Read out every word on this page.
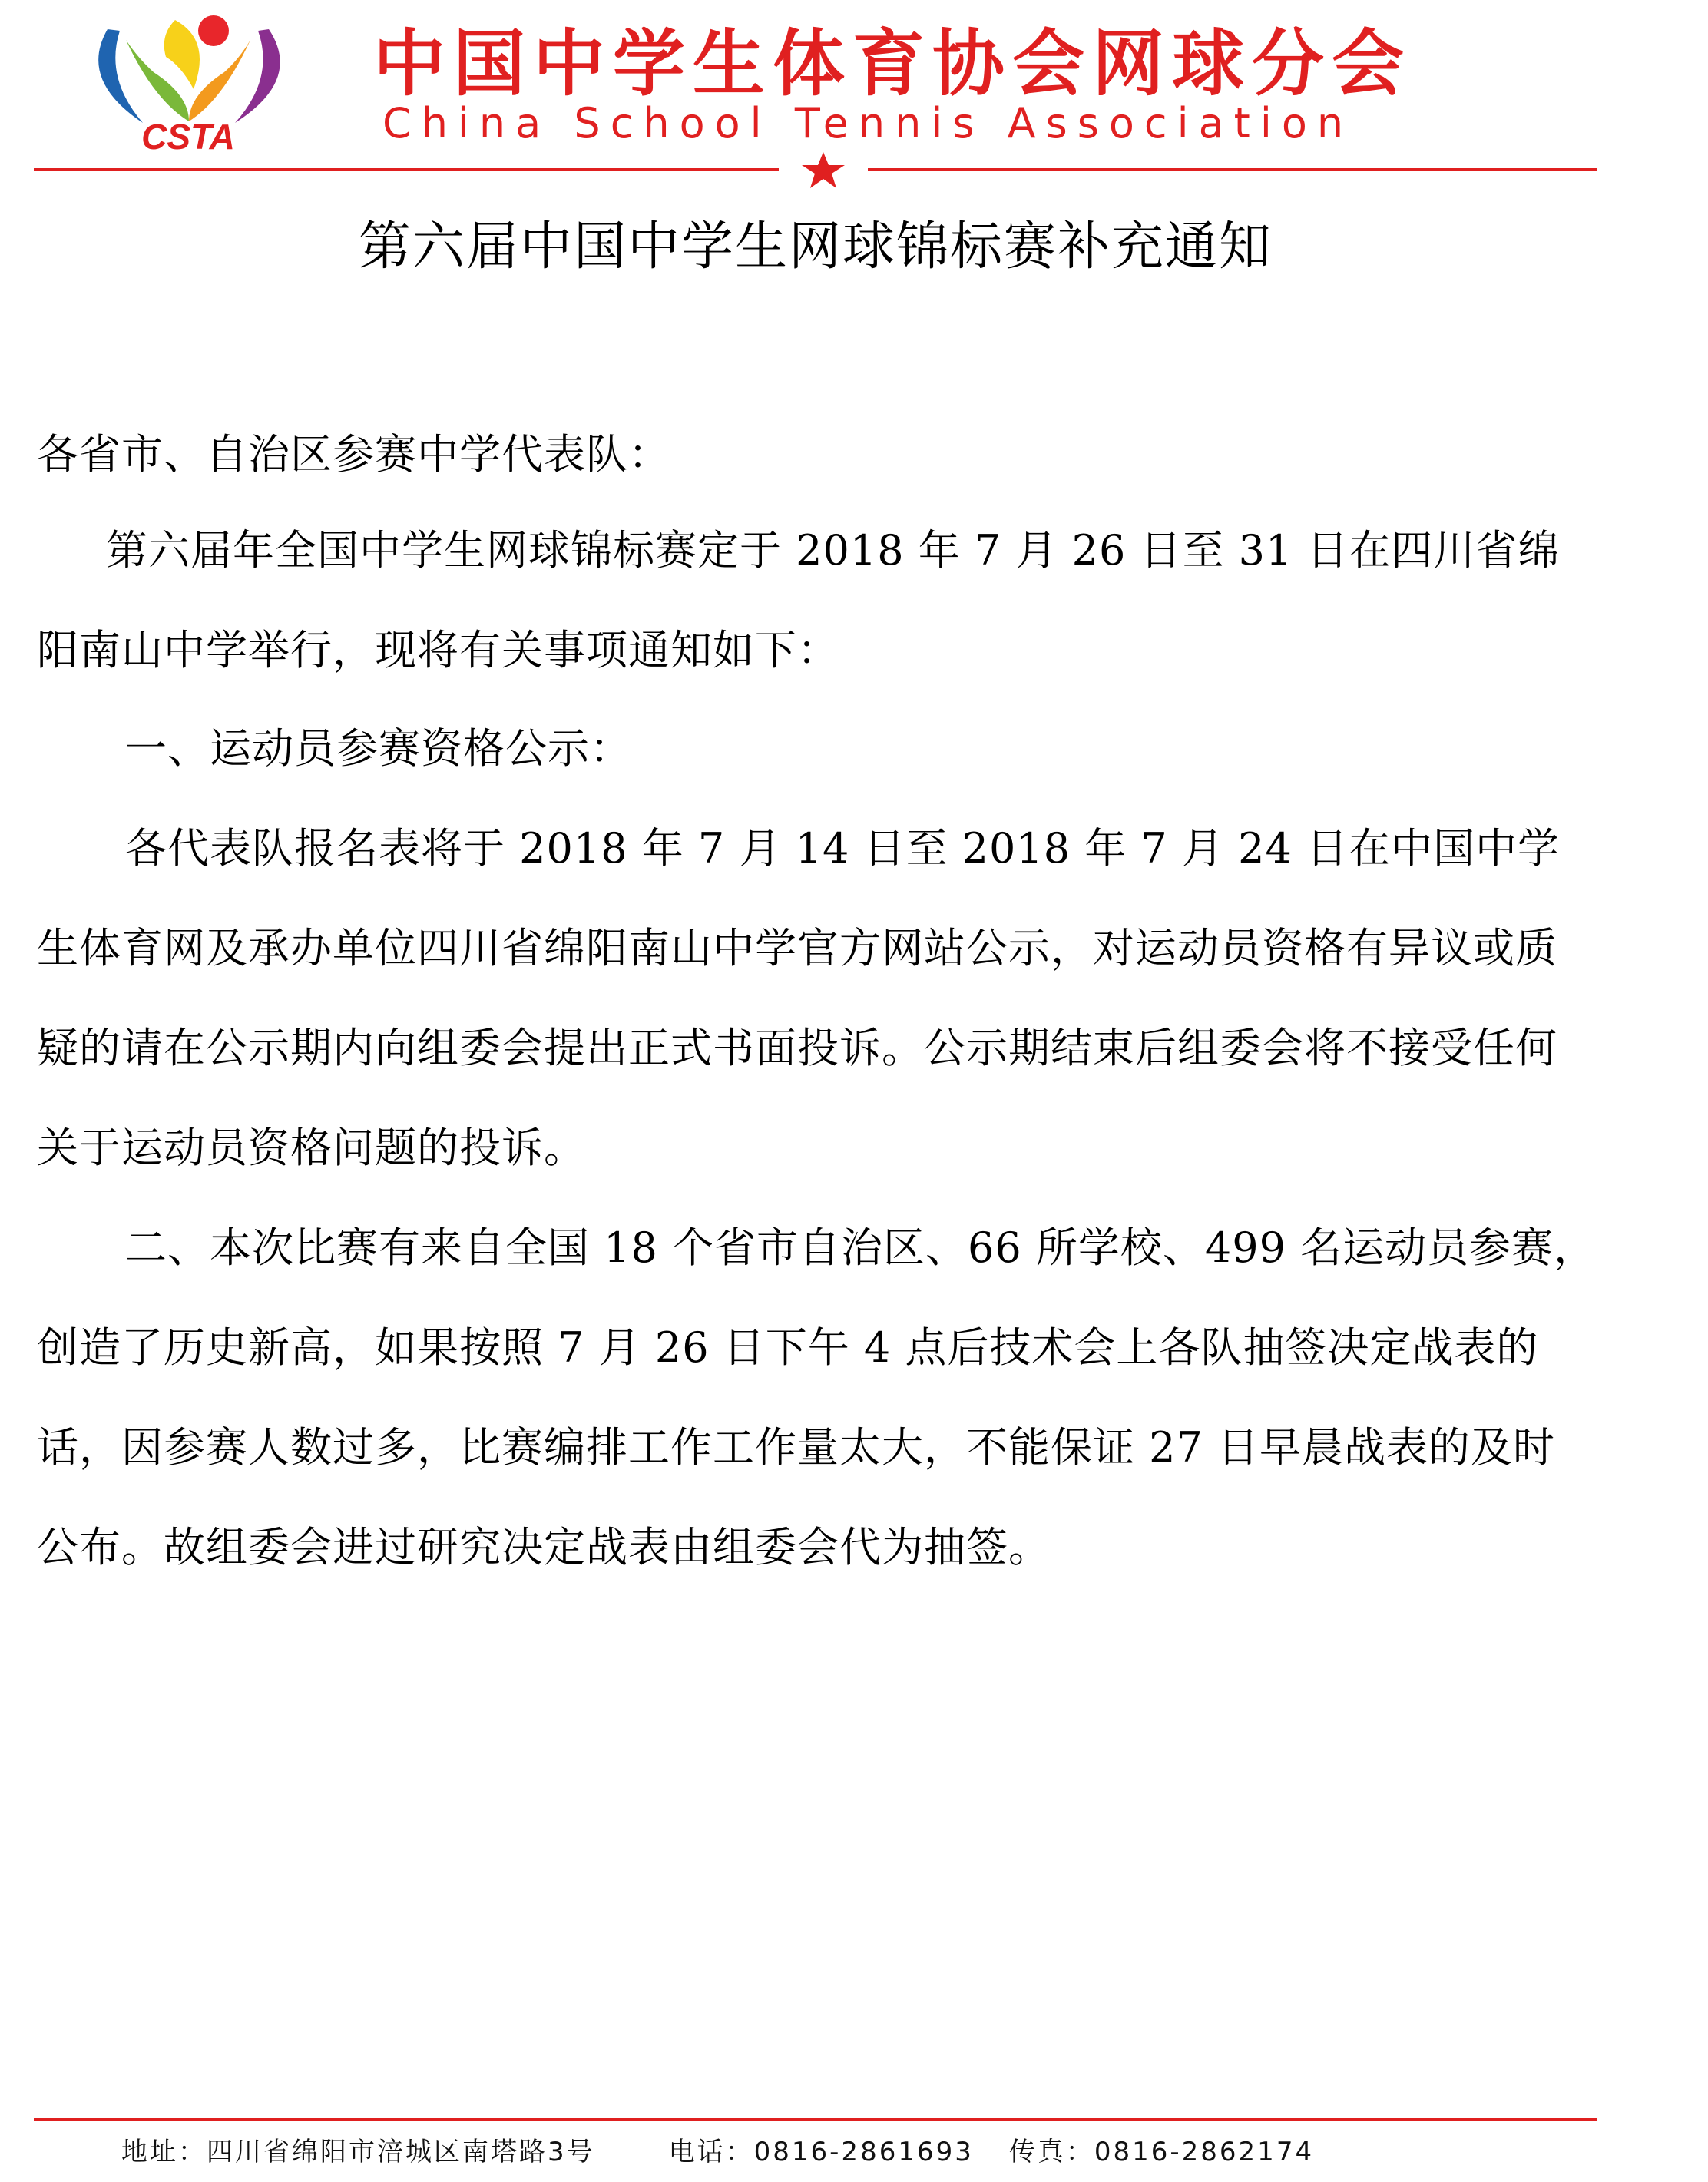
CSTA
中国中学生体育协会网球分会
China School Tennis Association
第六届中国中学生网球锦标赛补充通知

各省市、自治区参赛中学代表队：

第六届年全国中学生网球锦标赛定于 2018 年 7 月 26 日至 31 日在四川省绵阳南山中学举行，现将有关事项通知如下：

一、运动员参赛资格公示：

各代表队报名表将于 2018 年 7 月 14 日至 2018 年 7 月 24 日在中国中学生体育网及承办单位四川省绵阳南山中学官方网站公示，对运动员资格有异议或质疑的请在公示期内向组委会提出正式书面投诉。公示期结束后组委会将不接受任何关于运动员资格问题的投诉。

二、本次比赛有来自全国 18 个省市自治区、66 所学校、499 名运动员参赛，创造了历史新高，如果按照 7 月 26 日下午 4 点后技术会上各队抽签决定战表的话，因参赛人数过多，比赛编排工作工作量太大，不能保证 27 日早晨战表的及时公布。故组委会进过研究决定战表由组委会代为抽签。

地址：四川省绵阳市涪城区南塔路3号	电话：0816-2861693 传真：0816-2862174
